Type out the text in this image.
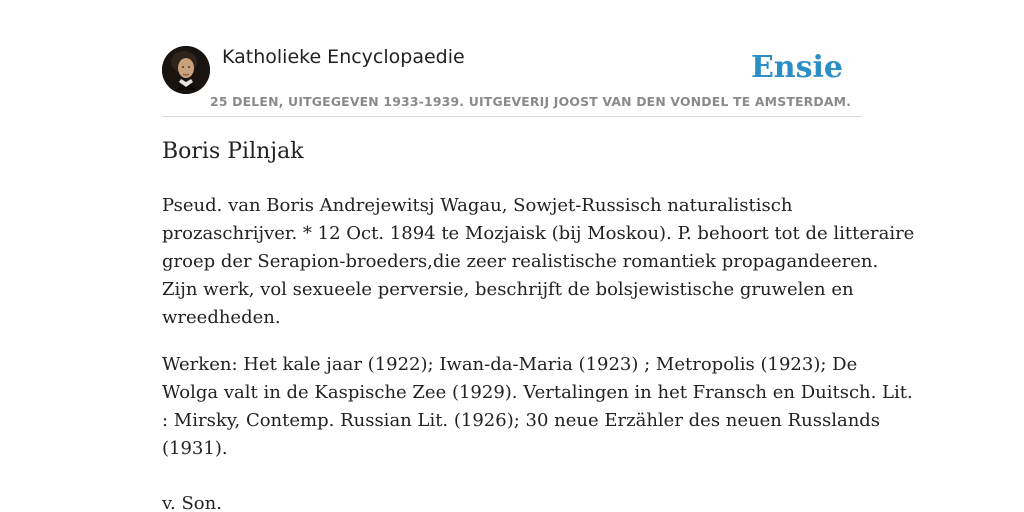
Katholieke Encyclopaedie	Ensie
25 DELEN, UITGEGEVEN 1933-1939. UITGEVERIJ JOOST VAN DEN VONDEL TE AMSTERDAM.
Boris Pilnjak

Pseud. van Boris Andrejewitsj Wagau, Sowjet-Russisch naturalistisch
prozaschrijver. * 12 Oct. 1894 te Mozjaisk (bij Moskou). P. behoort tot de litteraire
groep der Serapion-broeders,die zeer realistische romantiek propagandeeren.
Zijn werk, vol sexueele perversie, beschrijft de bolsjewistische gruwelen en
wreedheden.

Werken: Het kale jaar (1922); Iwan-da-Maria (1923) ; Metropolis (1923); De
Wolga valt in de Kaspische Zee (1929). Vertalingen in het Fransch en Duitsch. Lit.
: Mirsky, Contemp. Russian Lit. (1926); 30 neue Erzähler des neuen Russlands
(1931).

v. Son.
